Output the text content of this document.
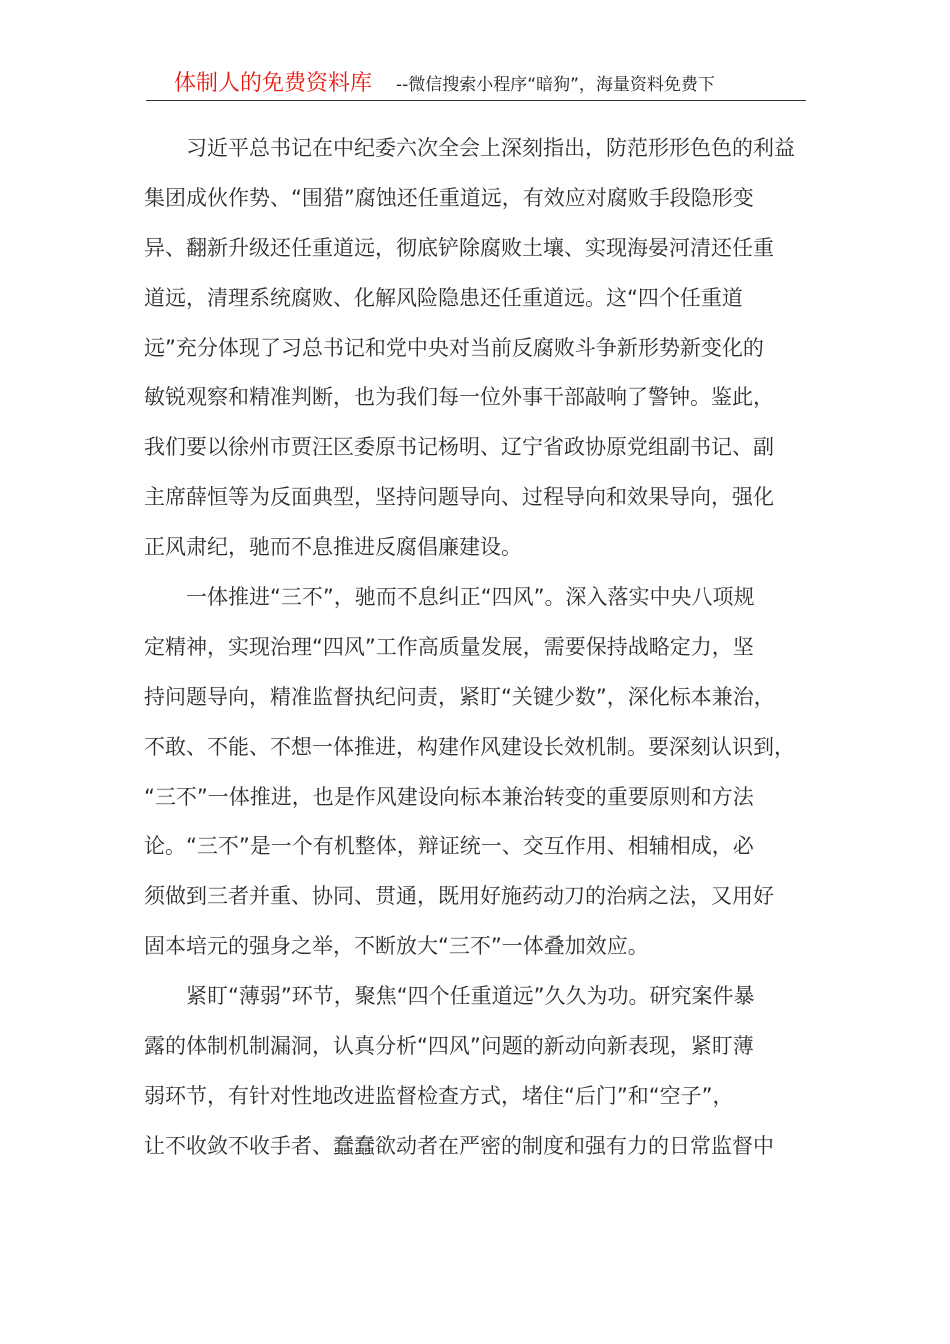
体制人的免费资料库 --微信搜索小程序“暗狗”，海量资料免费下
　　习近平总书记在中纪委六次全会上深刻指出，防范形形色色的利益
集团成伙作势、“围猎”腐蚀还任重道远，有效应对腐败手段隐形变
异、翻新升级还任重道远，彻底铲除腐败土壤、实现海晏河清还任重
道远，清理系统腐败、化解风险隐患还任重道远。这“四个任重道
远”充分体现了习总书记和党中央对当前反腐败斗争新形势新变化的
敏锐观察和精准判断，也为我们每一位外事干部敲响了警钟。鉴此，
我们要以徐州市贾汪区委原书记杨明、辽宁省政协原党组副书记、副
主席薛恒等为反面典型，坚持问题导向、过程导向和效果导向，强化
正风肃纪，驰而不息推进反腐倡廉建设。
　　一体推进“三不”，驰而不息纠正“四风”。深入落实中央八项规
定精神，实现治理“四风”工作高质量发展，需要保持战略定力，坚
持问题导向，精准监督执纪问责，紧盯“关键少数”，深化标本兼治，
不敢、不能、不想一体推进，构建作风建设长效机制。要深刻认识到，
“三不”一体推进，也是作风建设向标本兼治转变的重要原则和方法
论。“三不”是一个有机整体，辩证统一、交互作用、相辅相成，必
须做到三者并重、协同、贯通，既用好施药动刀的治病之法，又用好
固本培元的强身之举，不断放大“三不”一体叠加效应。
　　紧盯“薄弱”环节，聚焦“四个任重道远”久久为功。研究案件暴
露的体制机制漏洞，认真分析“四风”问题的新动向新表现，紧盯薄
弱环节，有针对性地改进监督检查方式，堵住“后门”和“空子”，
让不收敛不收手者、蠢蠢欲动者在严密的制度和强有力的日常监督中
